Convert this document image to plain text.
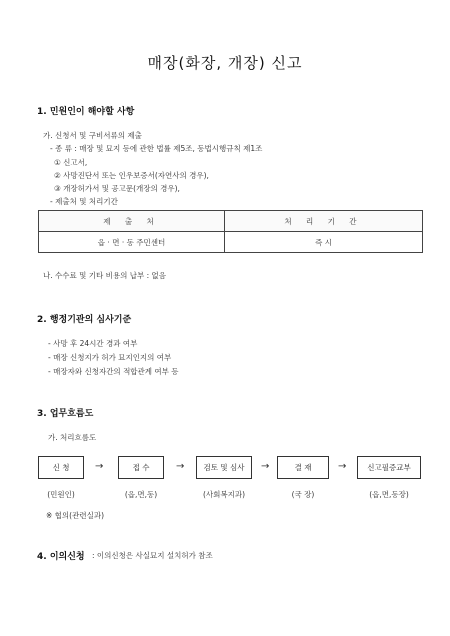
매장(화장, 개장) 신고
1. 민원인이 해야할 사항
가. 신청서 및 구비서류의 제출
- 종 류 : 매장 및 묘지 등에 관한 법률 제5조, 동법시행규칙 제1조
① 신고서,
② 사망진단서 또는 인우보증서(자연사의 경우),
③ 개장허가서 및 공고문(개장의 경우),
- 제출처 및 처리기간
제 출 처	처 리 기 간
읍 · 면 · 동 주민센터	즉 시
나. 수수료 및 기타 비용의 납부 : 없음
2. 행정기관의 심사기준
- 사망 후 24시간 경과 여부
- 매장 신청지가 허가 묘지인지의 여부
- 매장자와 신청자간의 적합관계 여부 등
3. 업무흐름도
가. 처리흐름도
신 청	→	접 수	→	검토 및 심사	→	결 재	→	신고필증교부
(민원인)	(읍,면,동)	(사회복지과)	(국 장)	(읍,면,동장)
※ 협의(관련실과)
4. 이의신청 : 이의신청은 사실묘지 설치허가 참조
